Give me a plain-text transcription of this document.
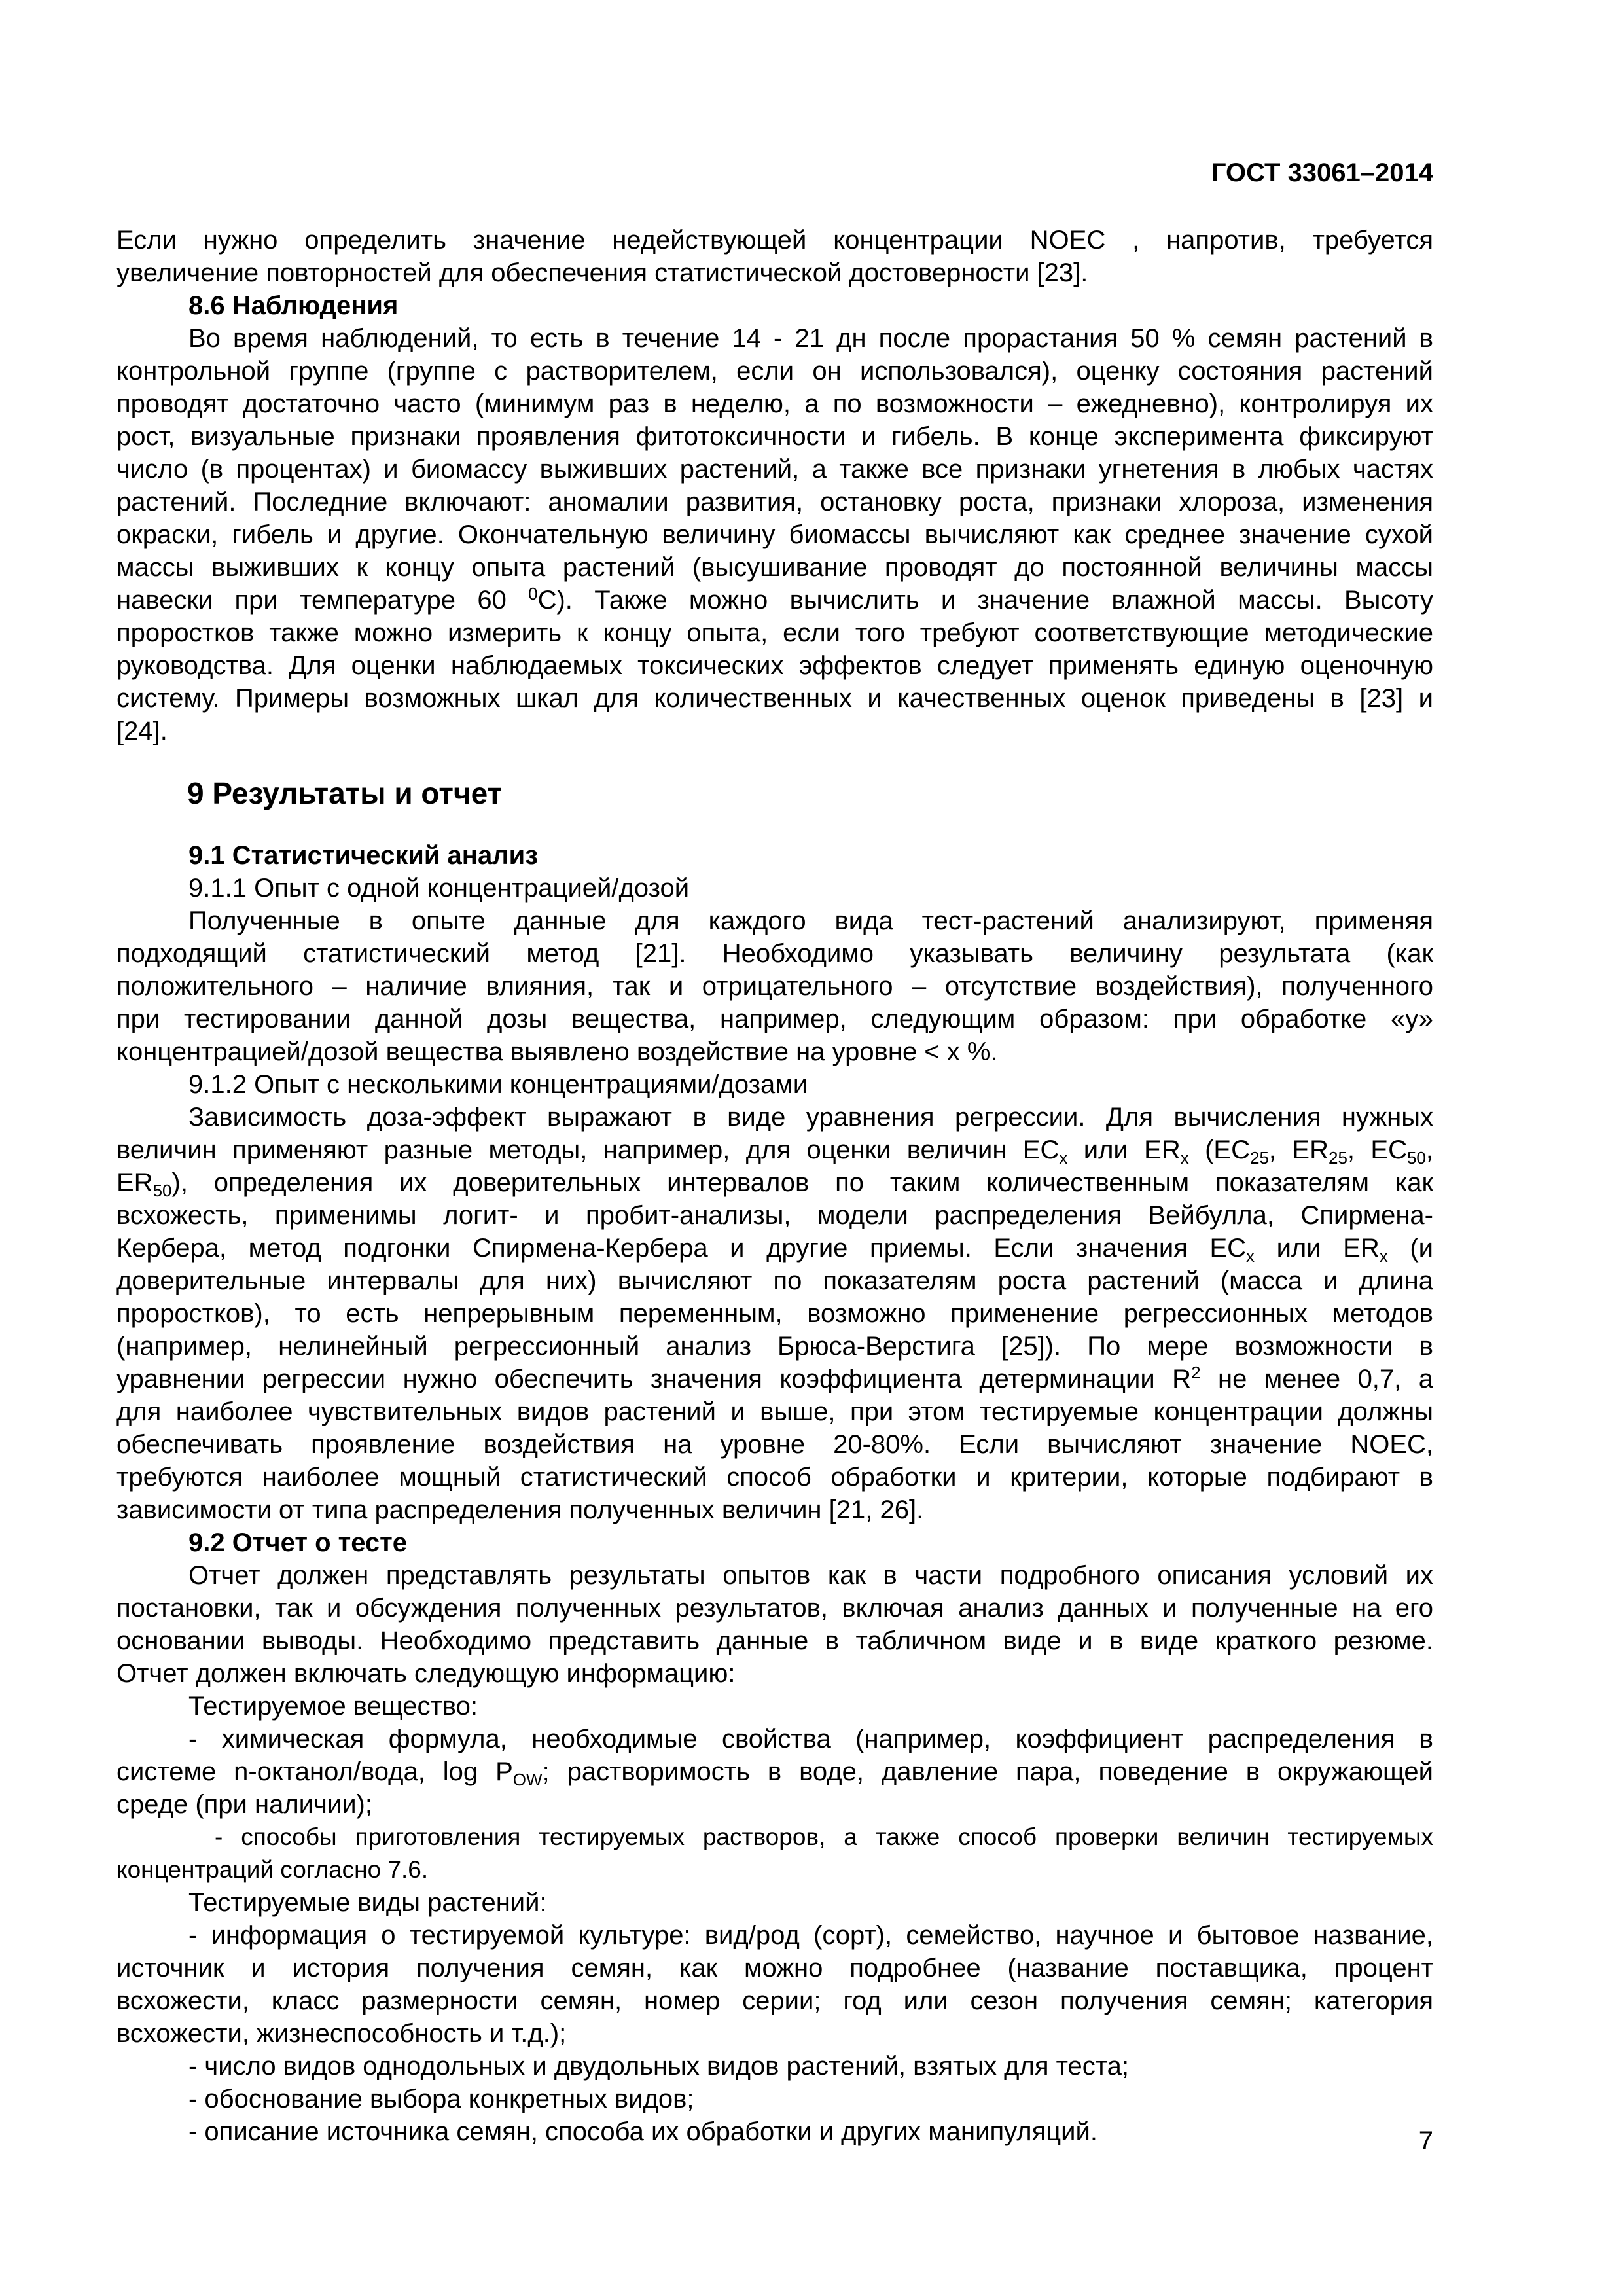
ГОСТ 33061–2014
Если нужно определить значение недействующей концентрации NOEC , напротив, требуется
увеличение повторностей для обеспечения статистической достоверности [23].
8.6 Наблюдения
Во время наблюдений, то есть в течение 14 - 21 дн после прорастания 50 % семян растений в
контрольной группе (группе с растворителем, если он использовался), оценку состояния растений
проводят достаточно часто (минимум раз в неделю, а по возможности – ежедневно), контролируя их
рост, визуальные признаки проявления фитотоксичности и гибель. В конце эксперимента фиксируют
число (в процентах) и биомассу выживших растений, а также все признаки угнетения в любых частях
растений. Последние включают: аномалии развития, остановку роста, признаки хлороза, изменения
окраски, гибель и другие. Окончательную величину биомассы вычисляют как среднее значение сухой
массы выживших к концу опыта растений (высушивание проводят до постоянной величины массы
навески при температуре 60 $^0$С). Также можно вычислить и значение влажной массы. Высоту
проростков также можно измерить к концу опыта, если того требуют соответствующие методические
руководства. Для оценки наблюдаемых токсических эффектов следует применять единую оценочную
систему. Примеры возможных шкал для количественных и качественных оценок приведены в [23] и
[24].
9 Результаты и отчет
9.1 Статистический анализ
9.1.1 Опыт с одной концентрацией/дозой
Полученные в опыте данные для каждого вида тест-растений анализируют, применяя
подходящий статистический метод [21]. Необходимо указывать величину результата (как
положительного – наличие влияния, так и отрицательного – отсутствие воздействия), полученного
при тестировании данной дозы вещества, например, следующим образом: при обработке «у»
концентрацией/дозой вещества выявлено воздействие на уровне < х %.
9.1.2 Опыт с несколькими концентрациями/дозами
Зависимость доза-эффект выражают в виде уравнения регрессии. Для вычисления нужных
величин применяют разные методы, например, для оценки величин $ЕС_х$ или $ER_х$ ($ЕС_{25}$, $ER_{25}$, $ЕС_{50}$,
$ER_{50}$), определения их доверительных интервалов по таким количественным показателям как
всхожесть, применимы логит- и пробит-анализы, модели распределения Вейбулла, Спирмена-
Кербера, метод подгонки Спирмена-Кербера и другие приемы. Если значения $ЕС_х$ или $ER_х$ (и
доверительные интервалы для них) вычисляют по показателям роста растений (масса и длина
проростков), то есть непрерывным переменным, возможно применение регрессионных методов
(например, нелинейный регрессионный анализ Брюса-Верстига [25]). По мере возможности в
уравнении регрессии нужно обеспечить значения коэффициента детерминации $R^2$ не менее 0,7, а
для наиболее чувствительных видов растений и выше, при этом тестируемые концентрации должны
обеспечивать проявление воздействия на уровне 20-80%. Если вычисляют значение NOEC,
требуются наиболее мощный статистический способ обработки и критерии, которые подбирают в
зависимости от типа распределения полученных величин [21, 26].
9.2 Отчет о тесте
Отчет должен представлять результаты опытов как в части подробного описания условий их
постановки, так и обсуждения полученных результатов, включая анализ данных и полученные на его
основании выводы. Необходимо представить данные в табличном виде и в виде краткого резюме.
Отчет должен включать следующую информацию:
Тестируемое вещество:
- химическая формула, необходимые свойства (например, коэффициент распределения в
системе n-октанол/вода, $\log P_{OW}$; растворимость в воде, давление пара, поведение в окружающей
среде (при наличии);
- способы приготовления тестируемых растворов, а также способ проверки величин тестируемых
концентраций согласно 7.6.
Тестируемые виды растений:
- информация о тестируемой культуре: вид/род (сорт), семейство, научное и бытовое название,
источник и история получения семян, как можно подробнее (название поставщика, процент
всхожести, класс размерности семян, номер серии; год или сезон получения семян; категория
всхожести, жизнеспособность и т.д.);
- число видов однодольных и двудольных видов растений, взятых для теста;
- обоснование выбора конкретных видов;
- описание источника семян, способа их обработки и других манипуляций.	7
